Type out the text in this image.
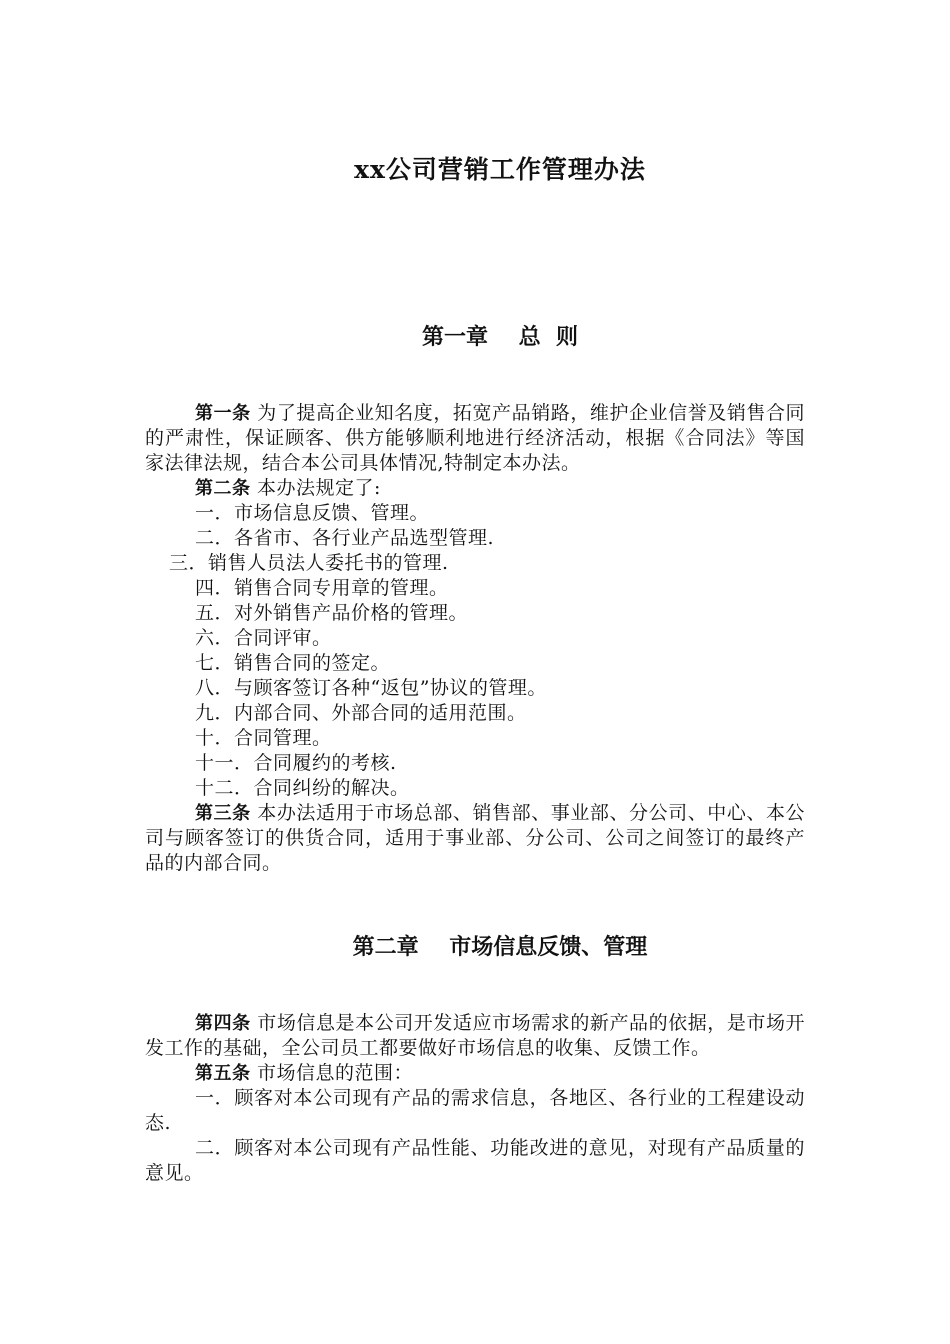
xx公司营销工作管理办法
第一章    总  则

第一条 为了提高企业知名度，拓宽产品销路，维护企业信誉及销售合同的严肃性，保证顾客、供方能够顺利地进行经济活动，根据《合同法》等国家法律法规，结合本公司具体情况,特制定本办法。

第二条 本办法规定了:

一．市场信息反馈、管理。

二．各省市、各行业产品选型管理.

三．销售人员法人委托书的管理.

四．销售合同专用章的管理。

五．对外销售产品价格的管理。

六．合同评审。

七．销售合同的签定。

八．与顾客签订各种“返包”协议的管理。

九．内部合同、外部合同的适用范围。

十．合同管理。

十一．合同履约的考核.

十二．合同纠纷的解决。

第三条 本办法适用于市场总部、销售部、事业部、分公司、中心、本公司与顾客签订的供货合同，适用于事业部、分公司、公司之间签订的最终产品的内部合同。

第二章    市场信息反馈、管理

第四条 市场信息是本公司开发适应市场需求的新产品的依据，是市场开发工作的基础，全公司员工都要做好市场信息的收集、反馈工作。

第五条 市场信息的范围：

一．顾客对本公司现有产品的需求信息，各地区、各行业的工程建设动态.

二．顾客对本公司现有产品性能、功能改进的意见，对现有产品质量的意见。
